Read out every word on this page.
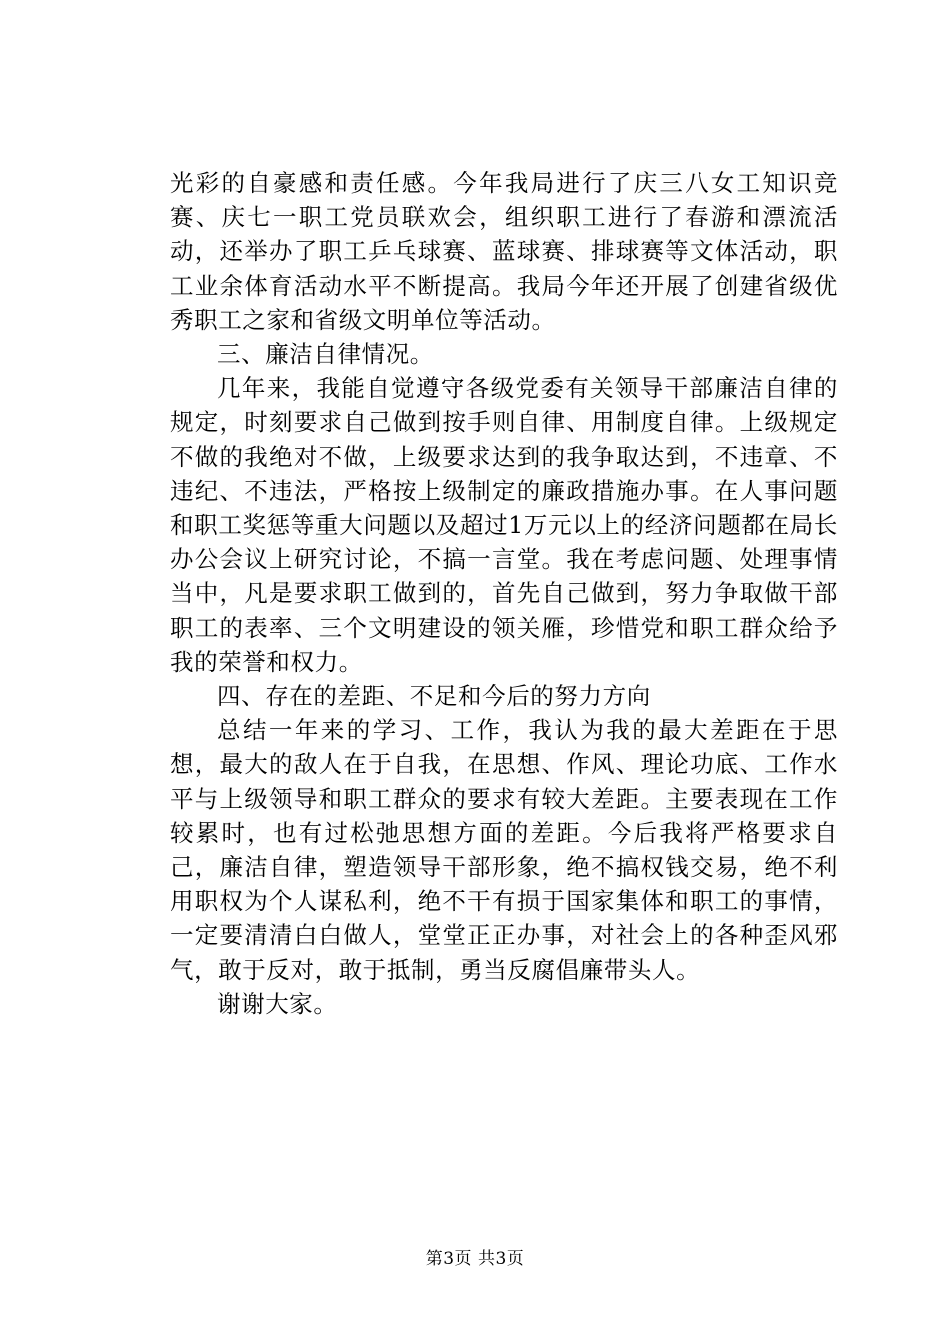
光彩的自豪感和责任感。今年我局进行了庆三八女工知识竞赛、庆七一职工党员联欢会，组织职工进行了春游和漂流活动，还举办了职工乒乓球赛、蓝球赛、排球赛等文体活动，职工业余体育活动水平不断提高。我局今年还开展了创建省级优秀职工之家和省级文明单位等活动。

三、廉洁自律情况。

几年来，我能自觉遵守各级党委有关领导干部廉洁自律的规定，时刻要求自己做到按手则自律、用制度自律。上级规定不做的我绝对不做，上级要求达到的我争取达到，不违章、不违纪、不违法，严格按上级制定的廉政措施办事。在人事问题和职工奖惩等重大问题以及超过1万元以上的经济问题都在局长办公会议上研究讨论，不搞一言堂。我在考虑问题、处理事情当中，凡是要求职工做到的，首先自己做到，努力争取做干部职工的表率、三个文明建设的领关雁，珍惜党和职工群众给予我的荣誉和权力。

四、存在的差距、不足和今后的努力方向

总结一年来的学习、工作，我认为我的最大差距在于思想，最大的敌人在于自我，在思想、作风、理论功底、工作水平与上级领导和职工群众的要求有较大差距。主要表现在工作较累时，也有过松弛思想方面的差距。今后我将严格要求自己，廉洁自律，塑造领导干部形象，绝不搞权钱交易，绝不利用职权为个人谋私利，绝不干有损于国家集体和职工的事情，一定要清清白白做人，堂堂正正办事，对社会上的各种歪风邪气，敢于反对，敢于抵制，勇当反腐倡廉带头人。

谢谢大家。

第3页 共3页
